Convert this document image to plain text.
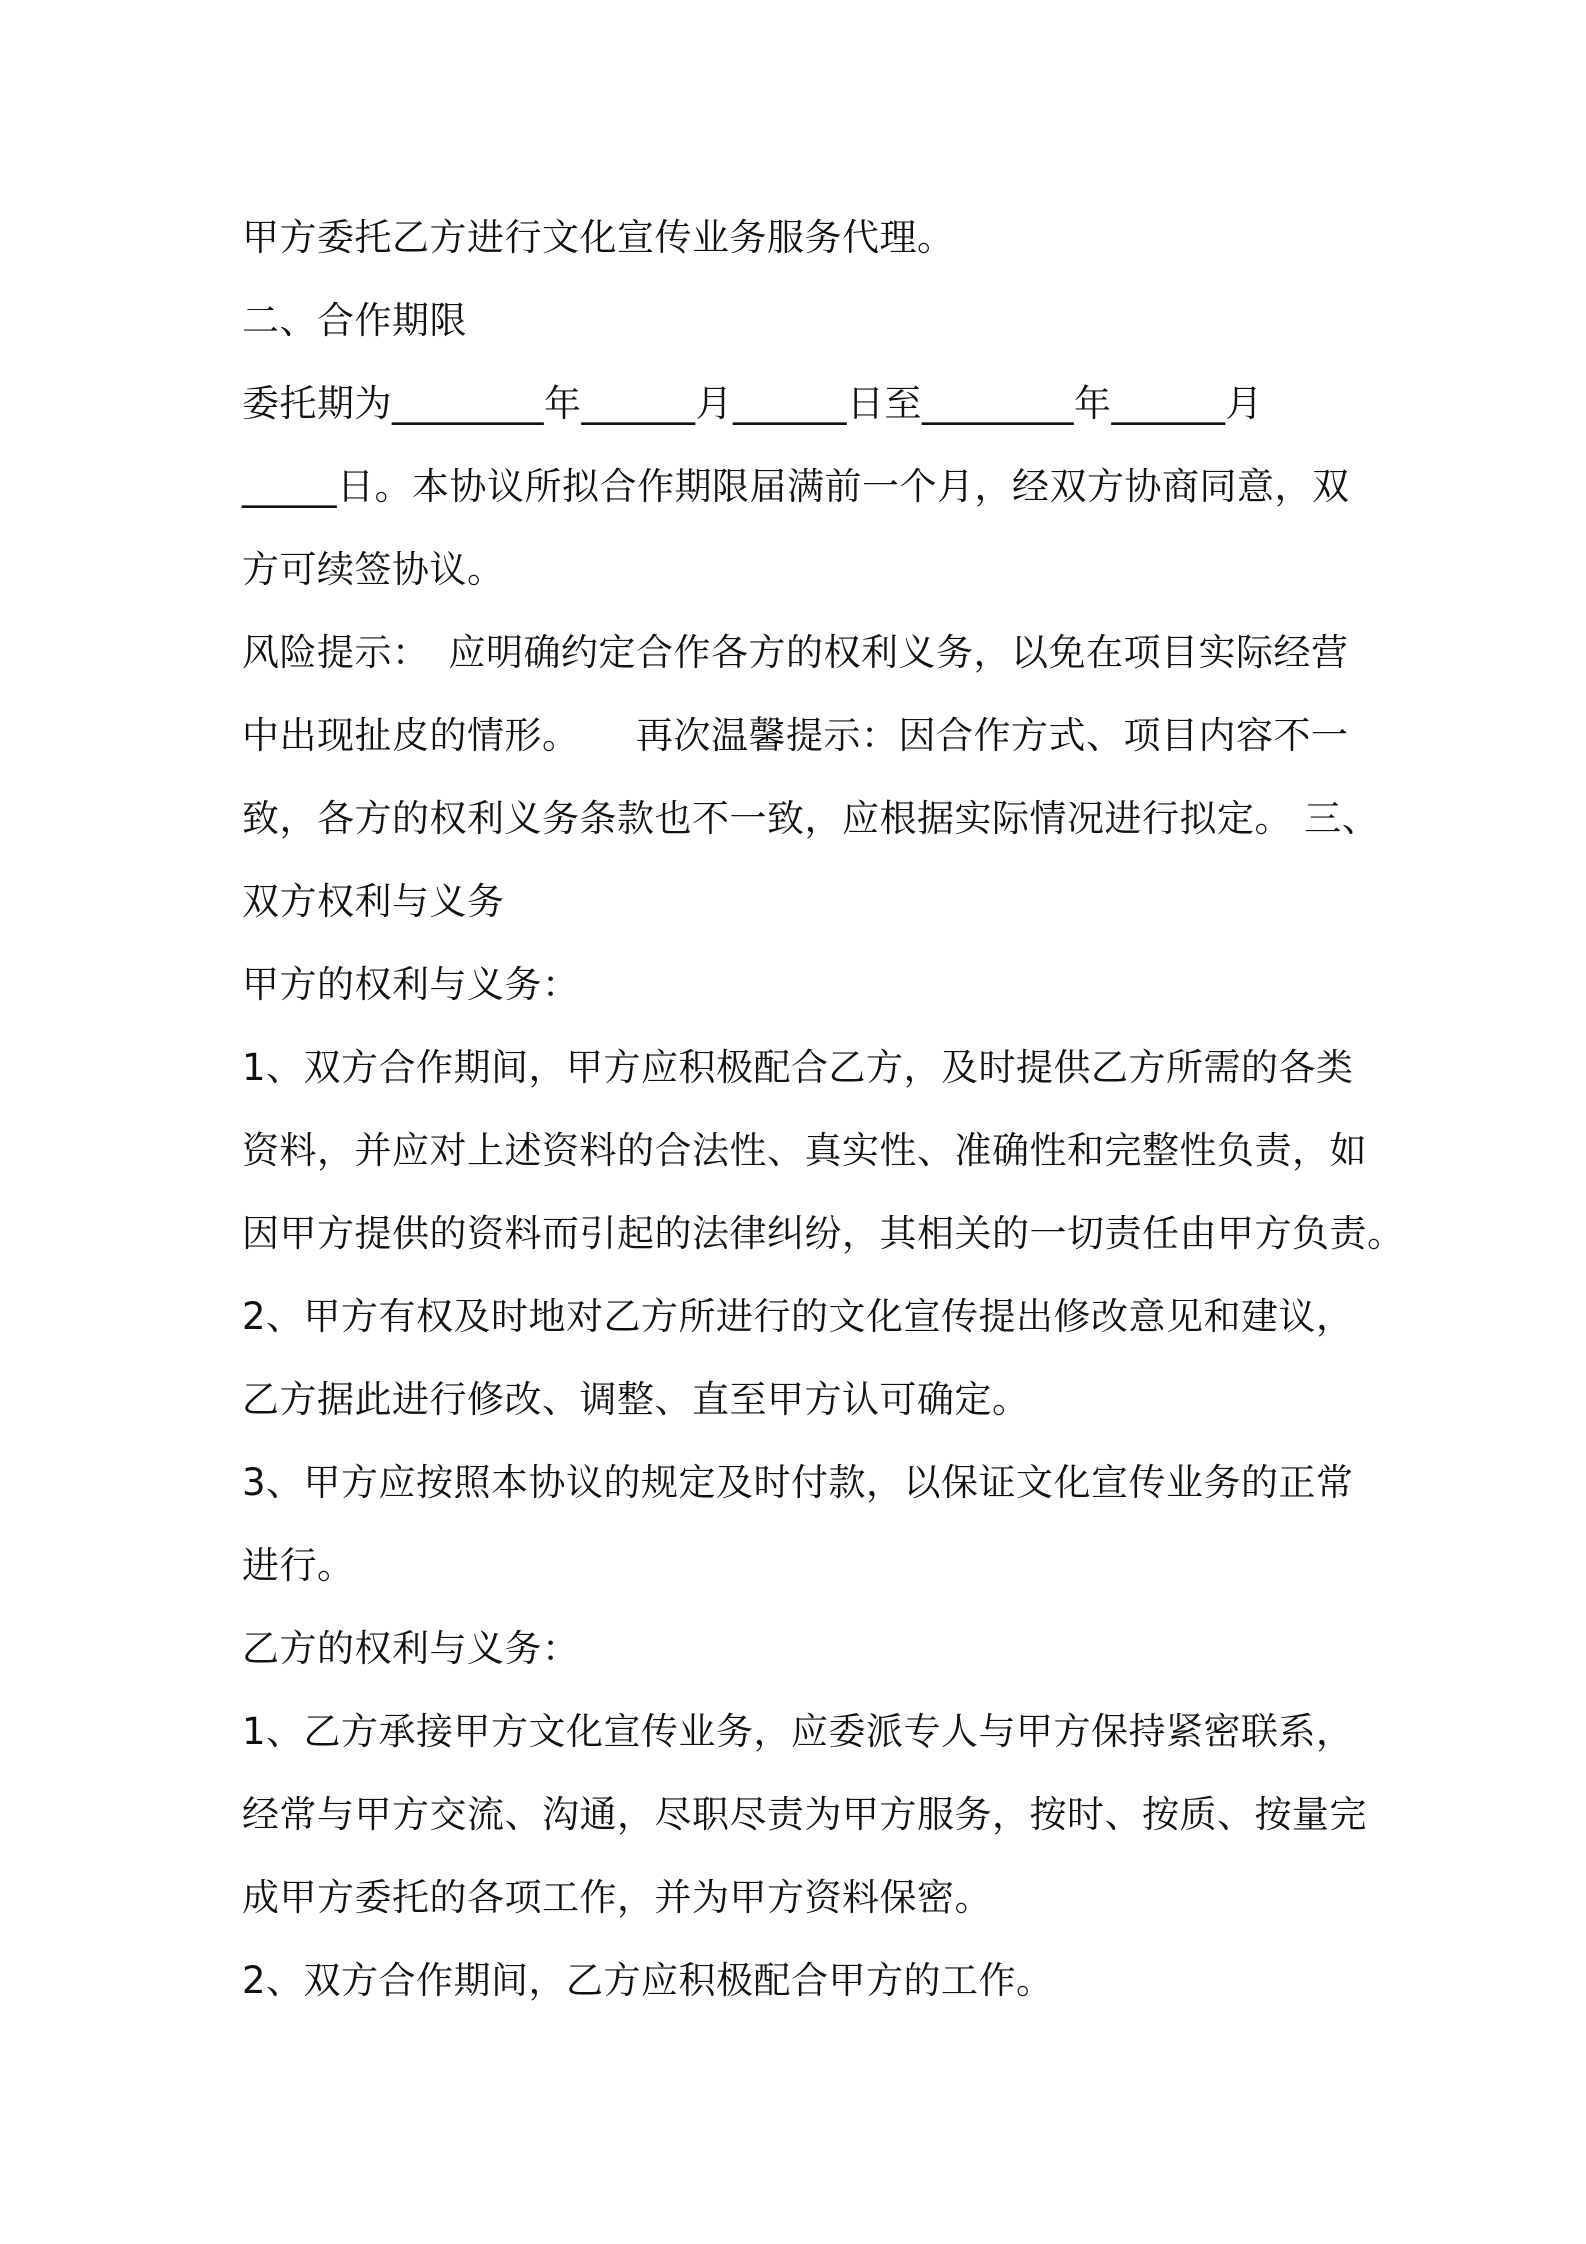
甲方委托乙方进行文化宣传业务服务代理。
二、合作期限
委托期为________年______月______日至________年______月
_____日。本协议所拟合作期限届满前一个月，经双方协商同意，双
方可续签协议。
风险提示：　应明确约定合作各方的权利义务，以免在项目实际经营
中出现扯皮的情形。　　再次温馨提示：因合作方式、项目内容不一
致，各方的权利义务条款也不一致，应根据实际情况进行拟定。 三、
双方权利与义务
甲方的权利与义务：
1、双方合作期间，甲方应积极配合乙方，及时提供乙方所需的各类
资料，并应对上述资料的合法性、真实性、准确性和完整性负责，如
因甲方提供的资料而引起的法律纠纷，其相关的一切责任由甲方负责。
2、甲方有权及时地对乙方所进行的文化宣传提出修改意见和建议，
乙方据此进行修改、调整、直至甲方认可确定。
3、甲方应按照本协议的规定及时付款，以保证文化宣传业务的正常
进行。
乙方的权利与义务：
1、乙方承接甲方文化宣传业务，应委派专人与甲方保持紧密联系，
经常与甲方交流、沟通，尽职尽责为甲方服务，按时、按质、按量完
成甲方委托的各项工作，并为甲方资料保密。
2、双方合作期间，乙方应积极配合甲方的工作。
